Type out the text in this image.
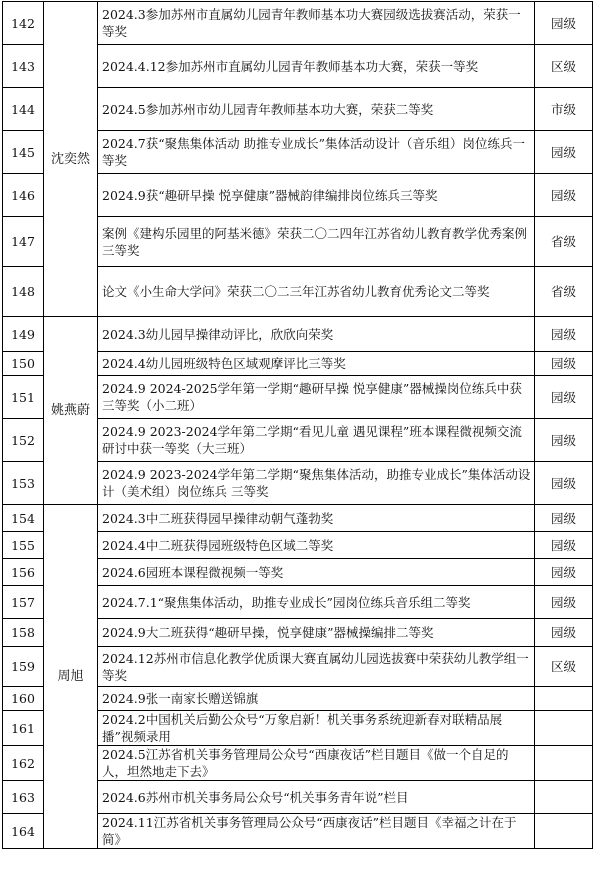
142	沈奕然	2024.3参加苏州市直属幼儿园青年教师基本功大赛园级选拔赛活动，荣获一等奖	园级
143		2024.4.12参加苏州市直属幼儿园青年教师基本功大赛，荣获一等奖	区级
144		2024.5参加苏州市幼儿园青年教师基本功大赛，荣获二等奖	市级
145		2024.7获“聚焦集体活动 助推专业成长”集体活动设计（音乐组）岗位练兵一等奖	园级
146		2024.9获“趣研早操 悦享健康”器械韵律编排岗位练兵三等奖	园级
147		案例《建构乐园里的阿基米德》荣获二〇二四年江苏省幼儿教育教学优秀案例三等奖	省级
148		论文《小生命大学问》荣获二〇二三年江苏省幼儿教育优秀论文二等奖	省级
149	姚燕蔚	2024.3幼儿园早操律动评比，欣欣向荣奖	园级
150		2024.4幼儿园班级特色区域观摩评比三等奖	园级
151		2024.9 2024-2025学年第一学期“趣研早操 悦享健康”器械操岗位练兵中获三等奖（小二班）	园级
152		2024.9 2023-2024学年第二学期“看见儿童 遇见课程”班本课程微视频交流研讨中获一等奖（大三班）	园级
153		2024.9 2023-2024学年第二学期“聚焦集体活动，助推专业成长”集体活动设计（美术组）岗位练兵 三等奖	园级
154	周旭	2024.3中二班获得园早操律动朝气蓬勃奖	园级
155		2024.4中二班获得园班级特色区域二等奖	园级
156		2024.6园班本课程微视频一等奖	园级
157		2024.7.1“聚焦集体活动，助推专业成长”园岗位练兵音乐组二等奖	园级
158		2024.9大二班获得“趣研早操，悦享健康”器械操编排二等奖	园级
159		2024.12苏州市信息化教学优质课大赛直属幼儿园选拔赛中荣获幼儿教学组一等奖	区级
160		2024.9张一南家长赠送锦旗	
161		2024.2中国机关后勤公众号“万象启新！机关事务系统迎新春对联精品展播”视频录用	
162		2024.5江苏省机关事务管理局公众号“西康夜话”栏目题目《做一个自足的人，坦然地走下去》	
163		2024.6苏州市机关事务局公众号“机关事务青年说”栏目	
164		2024.11江苏省机关事务管理局公众号“西康夜话”栏目题目《幸福之计在于简》	
